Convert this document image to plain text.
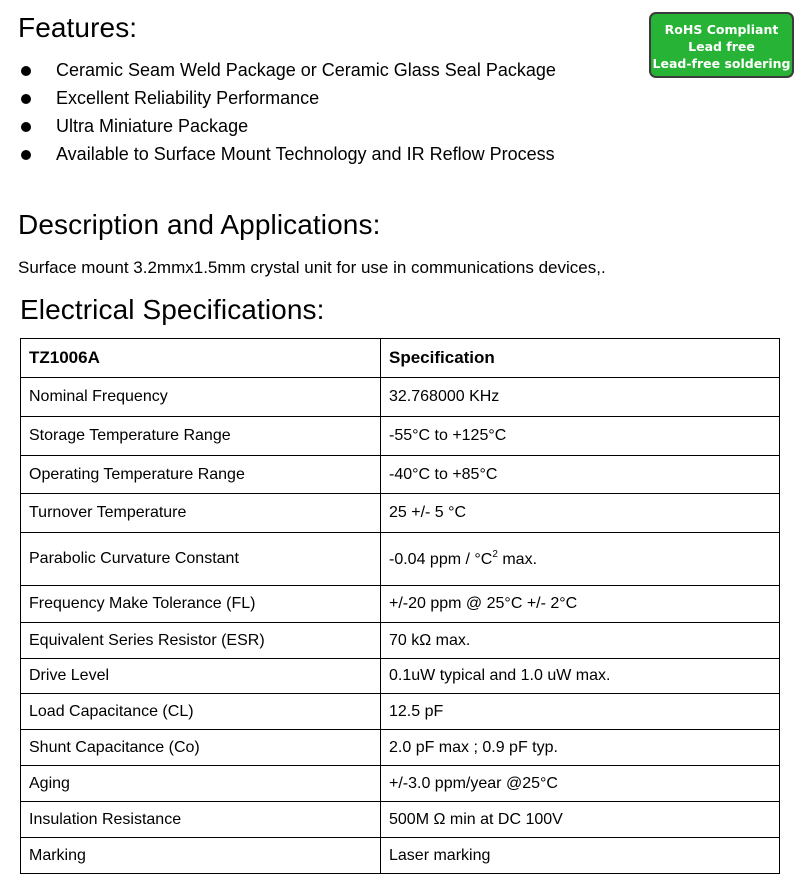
Features:
Ceramic Seam Weld Package or Ceramic Glass Seal Package
Excellent Reliability Performance
Ultra Miniature Package
Available to Surface Mount Technology and IR Reflow Process
RoHS Compliant
Lead free
Lead-free soldering
Description and Applications:
Surface mount 3.2mmx1.5mm crystal unit for use in communications devices,.
Electrical Specifications:
TZ1006A	Specification
Nominal Frequency	32.768000 KHz
Storage Temperature Range	-55°C to +125°C
Operating Temperature Range	-40°C to +85°C
Turnover Temperature	25 +/- 5 °C
Parabolic Curvature Constant	-0.04 ppm / $^\circ C^2$ max.
Frequency Make Tolerance (FL)	+/-20 ppm @ 25°C +/- 2°C
Equivalent Series Resistor (ESR)	70 kΩ max.
Drive Level	0.1uW typical and 1.0 uW max.
Load Capacitance (CL)	12.5 pF
Shunt Capacitance (Co)	2.0 pF max ; 0.9 pF typ.
Aging	+/-3.0 ppm/year @25°C
Insulation Resistance	500M Ω min at DC 100V
Marking	Laser marking
